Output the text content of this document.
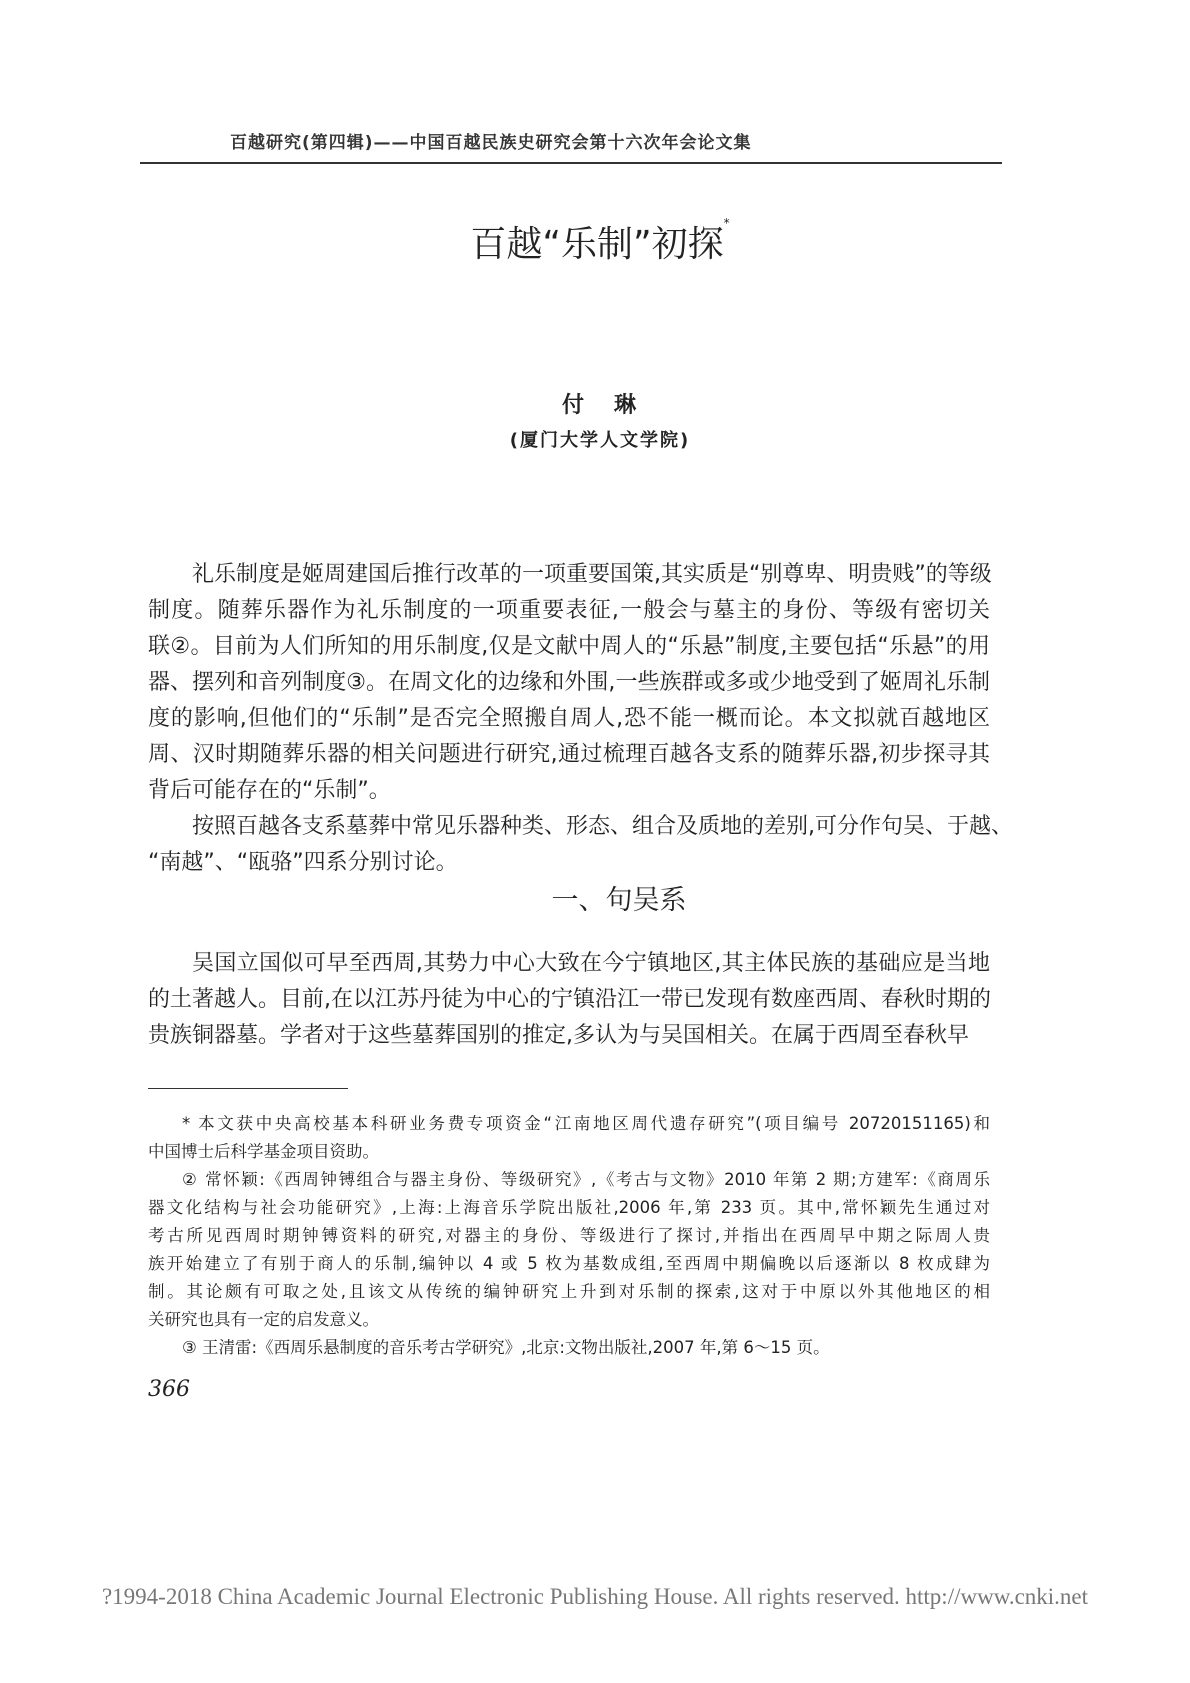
百越研究(第四辑)——中国百越民族史研究会第十六次年会论文集
百越“乐制”初探*
付琳
(厦门大学人文学院)
礼乐制度是姬周建国后推行改革的一项重要国策,其实质是“别尊卑、明贵贱”的等级
制度。随葬乐器作为礼乐制度的一项重要表征,一般会与墓主的身份、等级有密切关
联②。目前为人们所知的用乐制度,仅是文献中周人的“乐悬”制度,主要包括“乐悬”的用
器、摆列和音列制度③。在周文化的边缘和外围,一些族群或多或少地受到了姬周礼乐制
度的影响,但他们的“乐制”是否完全照搬自周人,恐不能一概而论。本文拟就百越地区
周、汉时期随葬乐器的相关问题进行研究,通过梳理百越各支系的随葬乐器,初步探寻其
背后可能存在的“乐制”。
按照百越各支系墓葬中常见乐器种类、形态、组合及质地的差别,可分作句吴、于越、
“南越”、“瓯骆”四系分别讨论。
一、句吴系
吴国立国似可早至西周,其势力中心大致在今宁镇地区,其主体民族的基础应是当地
的土著越人。目前,在以江苏丹徒为中心的宁镇沿江一带已发现有数座西周、春秋时期的
贵族铜器墓。学者对于这些墓葬国别的推定,多认为与吴国相关。在属于西周至春秋早
* 本文获中央高校基本科研业务费专项资金“江南地区周代遗存研究”(项目编号 20720151165)和
中国博士后科学基金项目资助。
② 常怀颖:《西周钟镈组合与器主身份、等级研究》,《考古与文物》2010 年第 2 期;方建军:《商周乐
器文化结构与社会功能研究》,上海:上海音乐学院出版社,2006 年,第 233 页。其中,常怀颖先生通过对
考古所见西周时期钟镈资料的研究,对器主的身份、等级进行了探讨,并指出在西周早中期之际周人贵
族开始建立了有别于商人的乐制,编钟以 4 或 5 枚为基数成组,至西周中期偏晚以后逐渐以 8 枚成肆为
制。其论颇有可取之处,且该文从传统的编钟研究上升到对乐制的探索,这对于中原以外其他地区的相
关研究也具有一定的启发意义。
③ 王清雷:《西周乐悬制度的音乐考古学研究》,北京:文物出版社,2007 年,第 6～15 页。
366
?1994-2018 China Academic Journal Electronic Publishing House. All rights reserved. http://www.cnki.net
